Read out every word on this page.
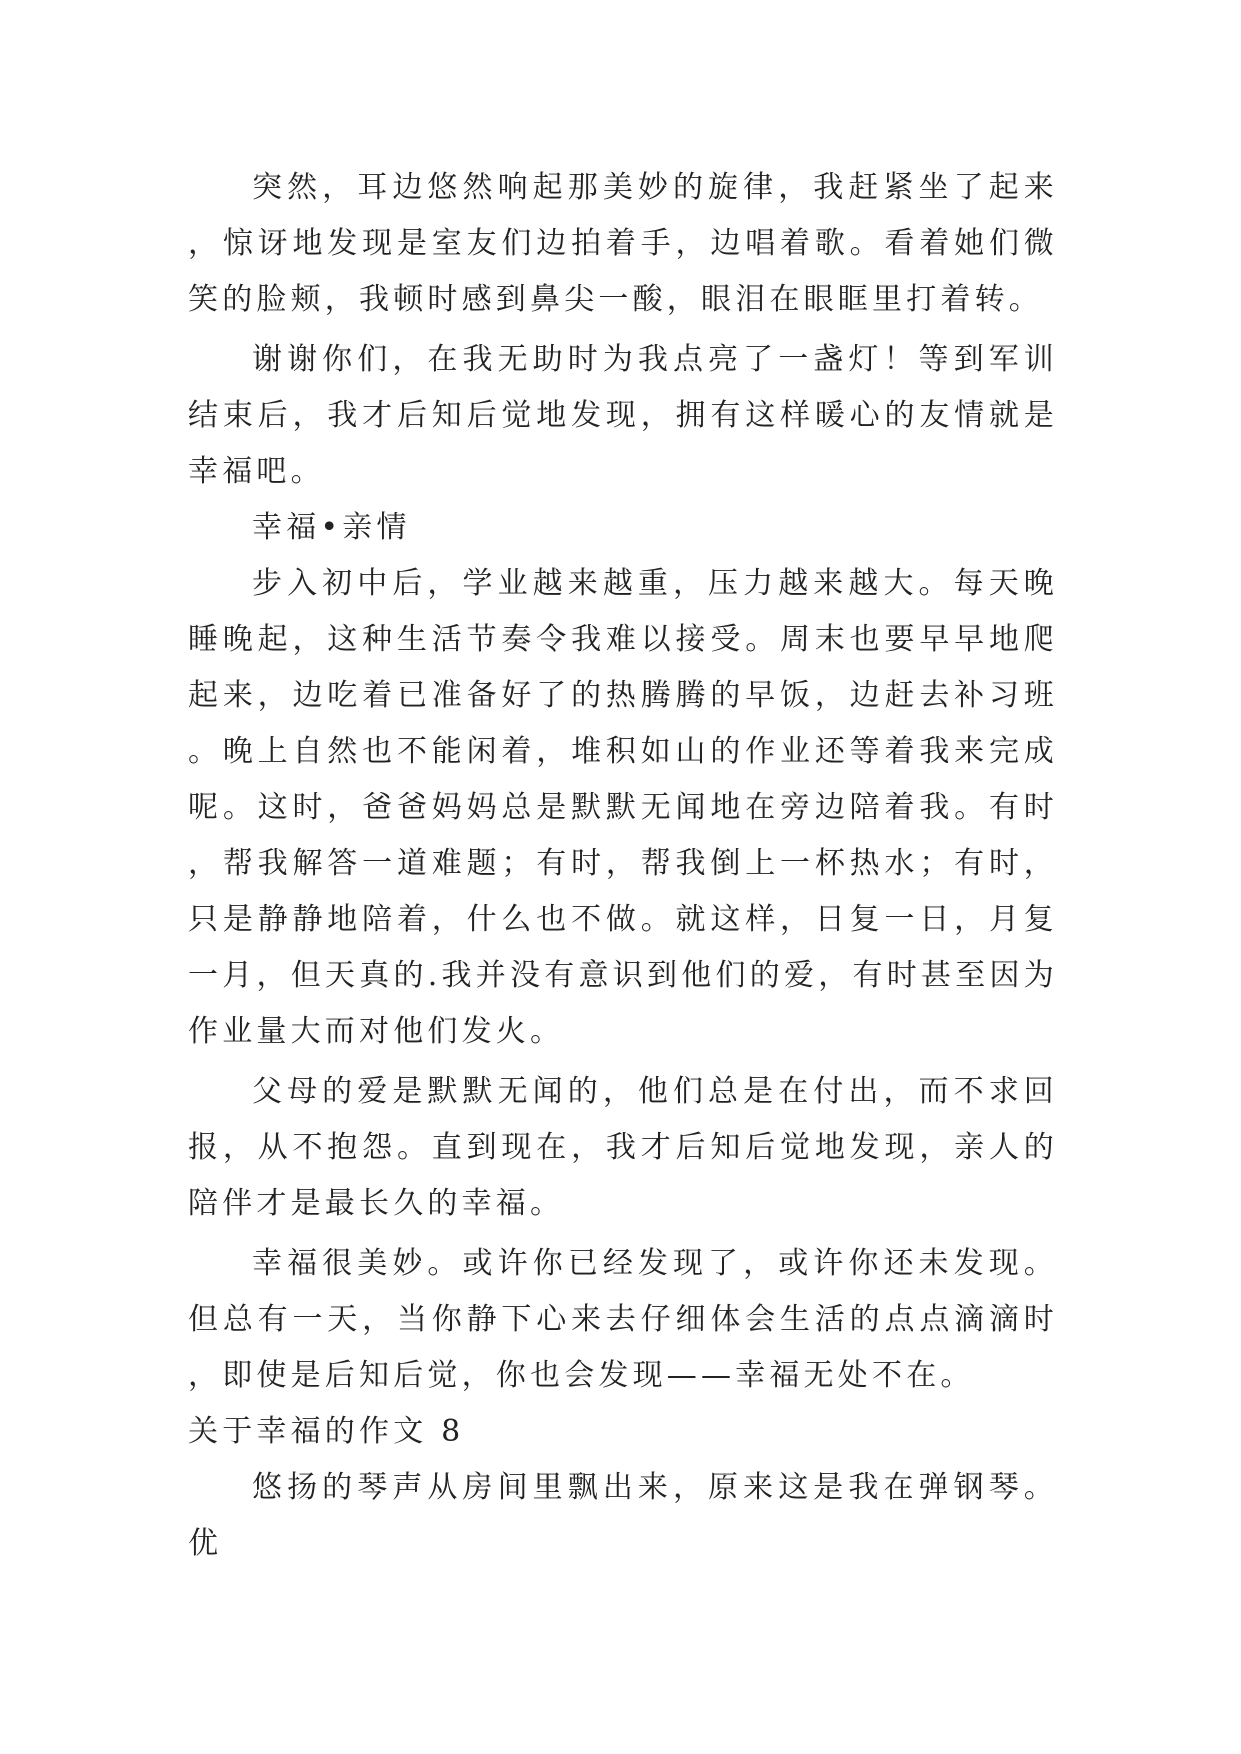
突然，耳边悠然响起那美妙的旋律，我赶紧坐了起来，惊讶地发现是室友们边拍着手，边唱着歌。看着她们微笑的脸颊，我顿时感到鼻尖一酸，眼泪在眼眶里打着转。

谢谢你们，在我无助时为我点亮了一盏灯！等到军训结束后，我才后知后觉地发现，拥有这样暖心的友情就是幸福吧。

幸福•亲情

步入初中后，学业越来越重，压力越来越大。每天晚睡晚起，这种生活节奏令我难以接受。周末也要早早地爬起来，边吃着已准备好了的热腾腾的早饭，边赶去补习班。晚上自然也不能闲着，堆积如山的作业还等着我来完成呢。这时，爸爸妈妈总是默默无闻地在旁边陪着我。有时，帮我解答一道难题；有时，帮我倒上一杯热水；有时，只是静静地陪着，什么也不做。就这样，日复一日，月复一月，但天真的.我并没有意识到他们的爱，有时甚至因为作业量大而对他们发火。

父母的爱是默默无闻的，他们总是在付出，而不求回报，从不抱怨。直到现在，我才后知后觉地发现，亲人的陪伴才是最长久的幸福。

幸福很美妙。或许你已经发现了，或许你还未发现。但总有一天，当你静下心来去仔细体会生活的点点滴滴时，即使是后知后觉，你也会发现——幸福无处不在。

关于幸福的作文 8

悠扬的琴声从房间里飘出来，原来这是我在弹钢琴。优
